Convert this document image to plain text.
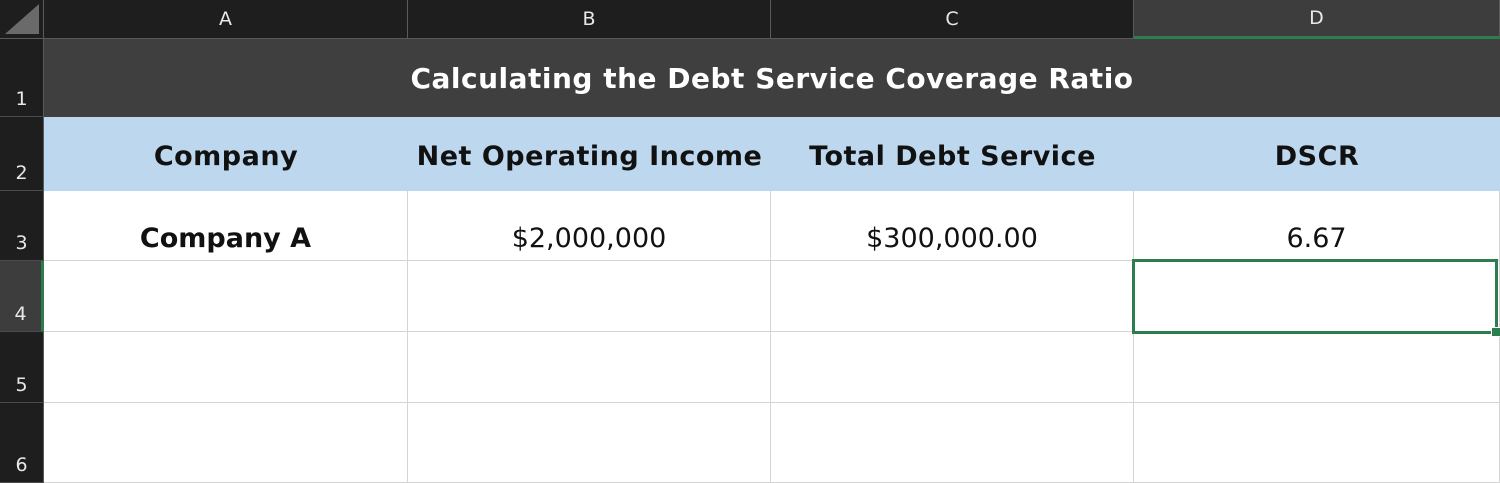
A	B	C	D
1
2
3
4
5
6
Calculating the Debt Service Coverage Ratio
Company	Net Operating Income	Total Debt Service	DSCR
Company A	$2,000,000	$300,000.00	6.67
